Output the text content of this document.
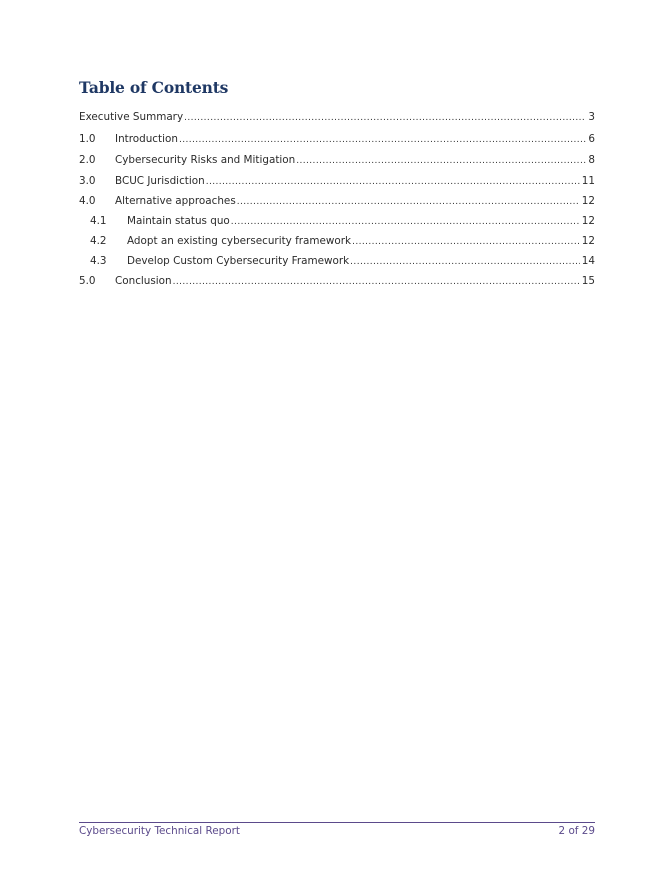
Table of Contents
Executive Summary .....	3
1.0	Introduction .....	6
2.0	Cybersecurity Risks and Mitigation .....	8
3.0	BCUC Jurisdiction .....	11
4.0	Alternative approaches .....	12
4.1	Maintain status quo .....	12
4.2	Adopt an existing cybersecurity framework .....	12
4.3	Develop Custom Cybersecurity Framework .....	14
5.0	Conclusion .....	15
Cybersecurity Technical Report	2 of 29
